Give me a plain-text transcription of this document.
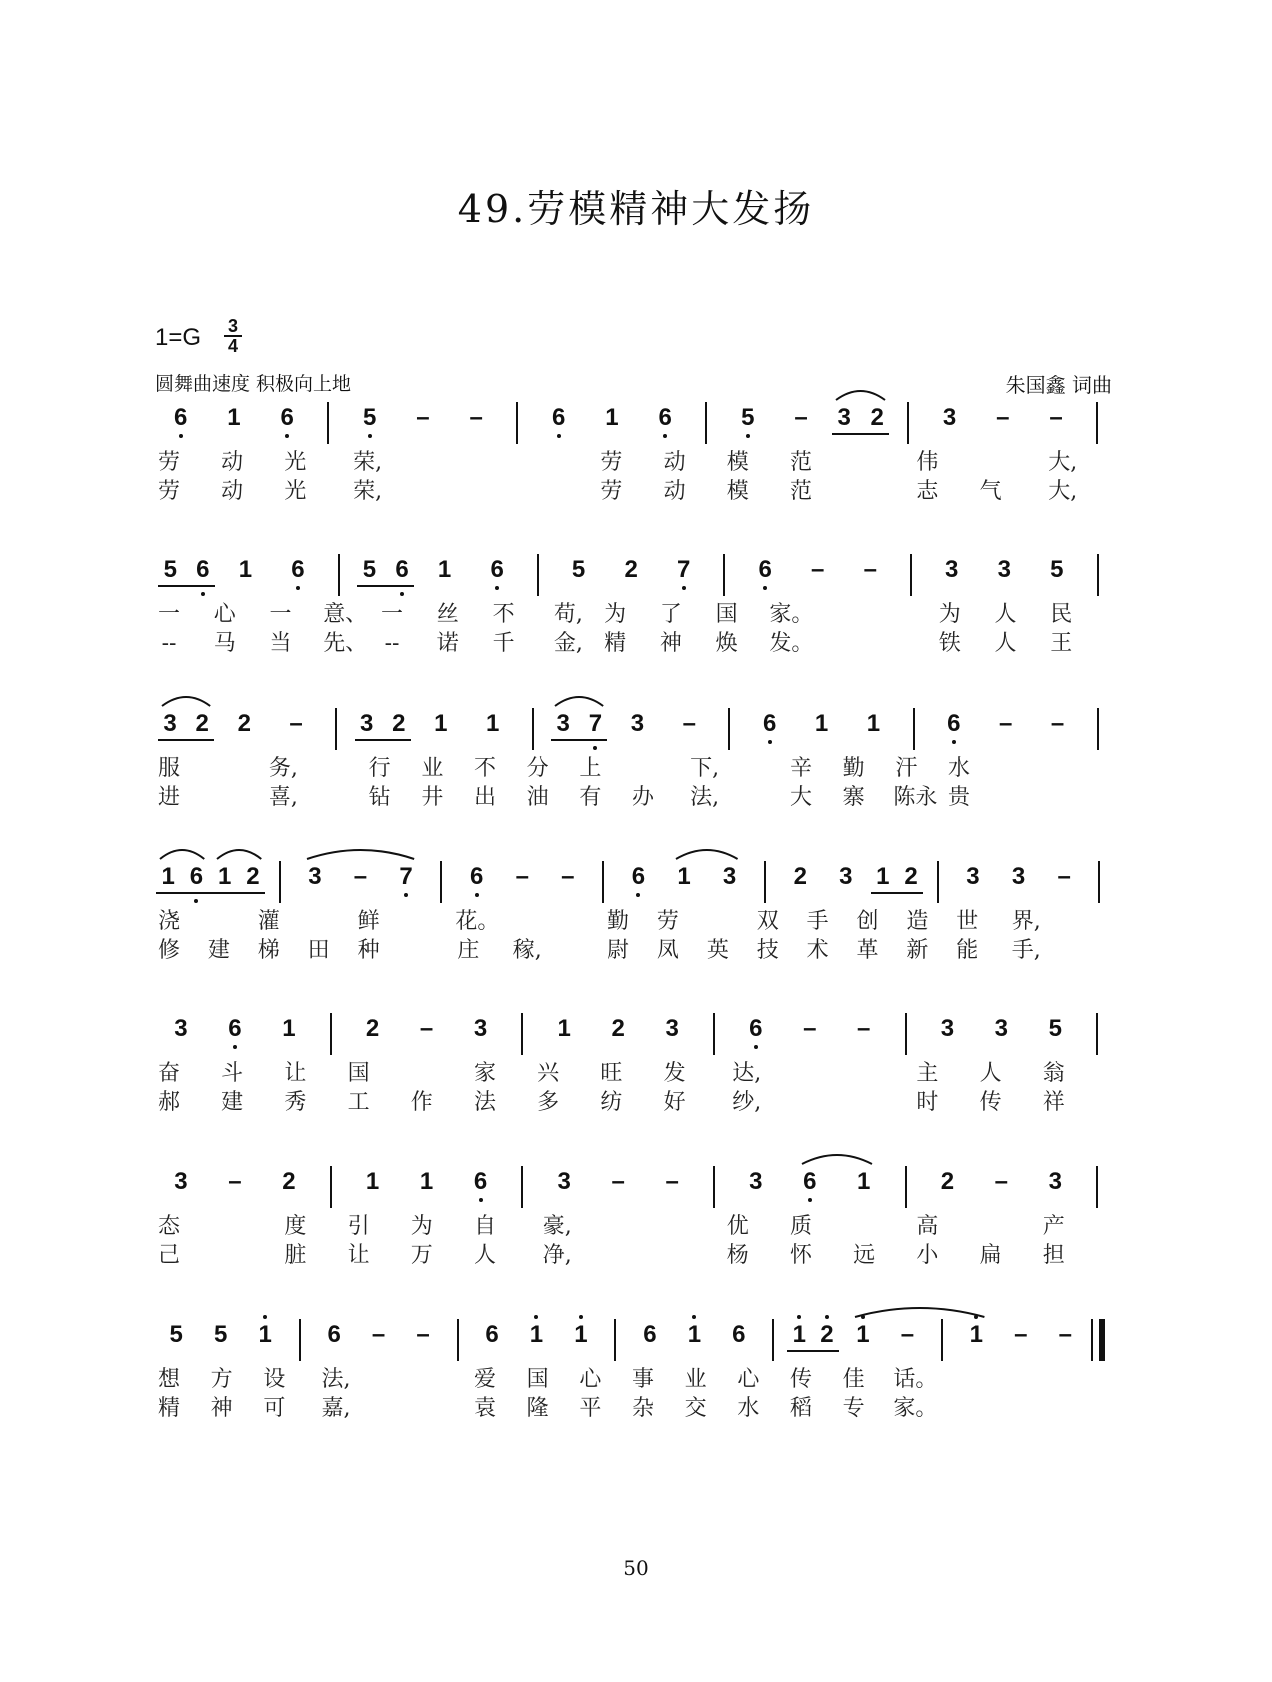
49.劳模精神大发扬
1=G 3
4
圆舞曲速度 积极向上地	朱国鑫 词曲
6	1	6	5	–	–	6	1	6	5	–	3 2	3	–	–
劳 动 光	荣,	劳 动 模 范	伟	大,
劳 动 光	荣,	劳 动 模 范	志 气	大,
5 6	1	6	5 6	1	6	5	2	7	6	–	–	3	3	5
一 心 一 意、 一 丝 不	苟, 为 了 国 家。	为 人 民
--	马 当 先、 --	诺 千	金, 精 神 焕 发。	铁 人 王
3 2	2	–	3 2	1	1	3 7	3	–	6	1	1	6	–	–
服	务,	行 业 不 分 上	下,	辛 勤 汗 水
进	喜,	钻 井 出 油 有 办	法,	大 寨 陈永 贵
1 6 1 2	3	–	7	6	–	–	6	1	3	2	3 1 2	3	3	–
浇	灌	鲜	花。	勤 劳	双 手 创 造 世	界,
修 建 梯 田 种	庄	稼,	尉 凤 英 技 术 革 新 能	手,
3	6	1	2	–	3	1	2	3	6	–	–	3	3	5
奋 斗 让 国	家 兴 旺 发	达,	主 人 翁
郝 建 秀 工 作 法 多 纺 好	纱,	时 传 祥
3	–	2	1	1	6	3	–	–	3	6	1	2	–	3
态	度 引 为 自	豪,	优 质	高	产
己	脏 让 万 人	净,	杨 怀 远 小 扁 担
5	5	1	6	–	–	6	1	1	6	1	6	1 2 1	–	1	–	–
想 方 设	法,	爱 国 心 事 业 心 传 佳 话。
精 神 可	嘉,	袁 隆 平 杂 交 水 稻 专 家。
50
